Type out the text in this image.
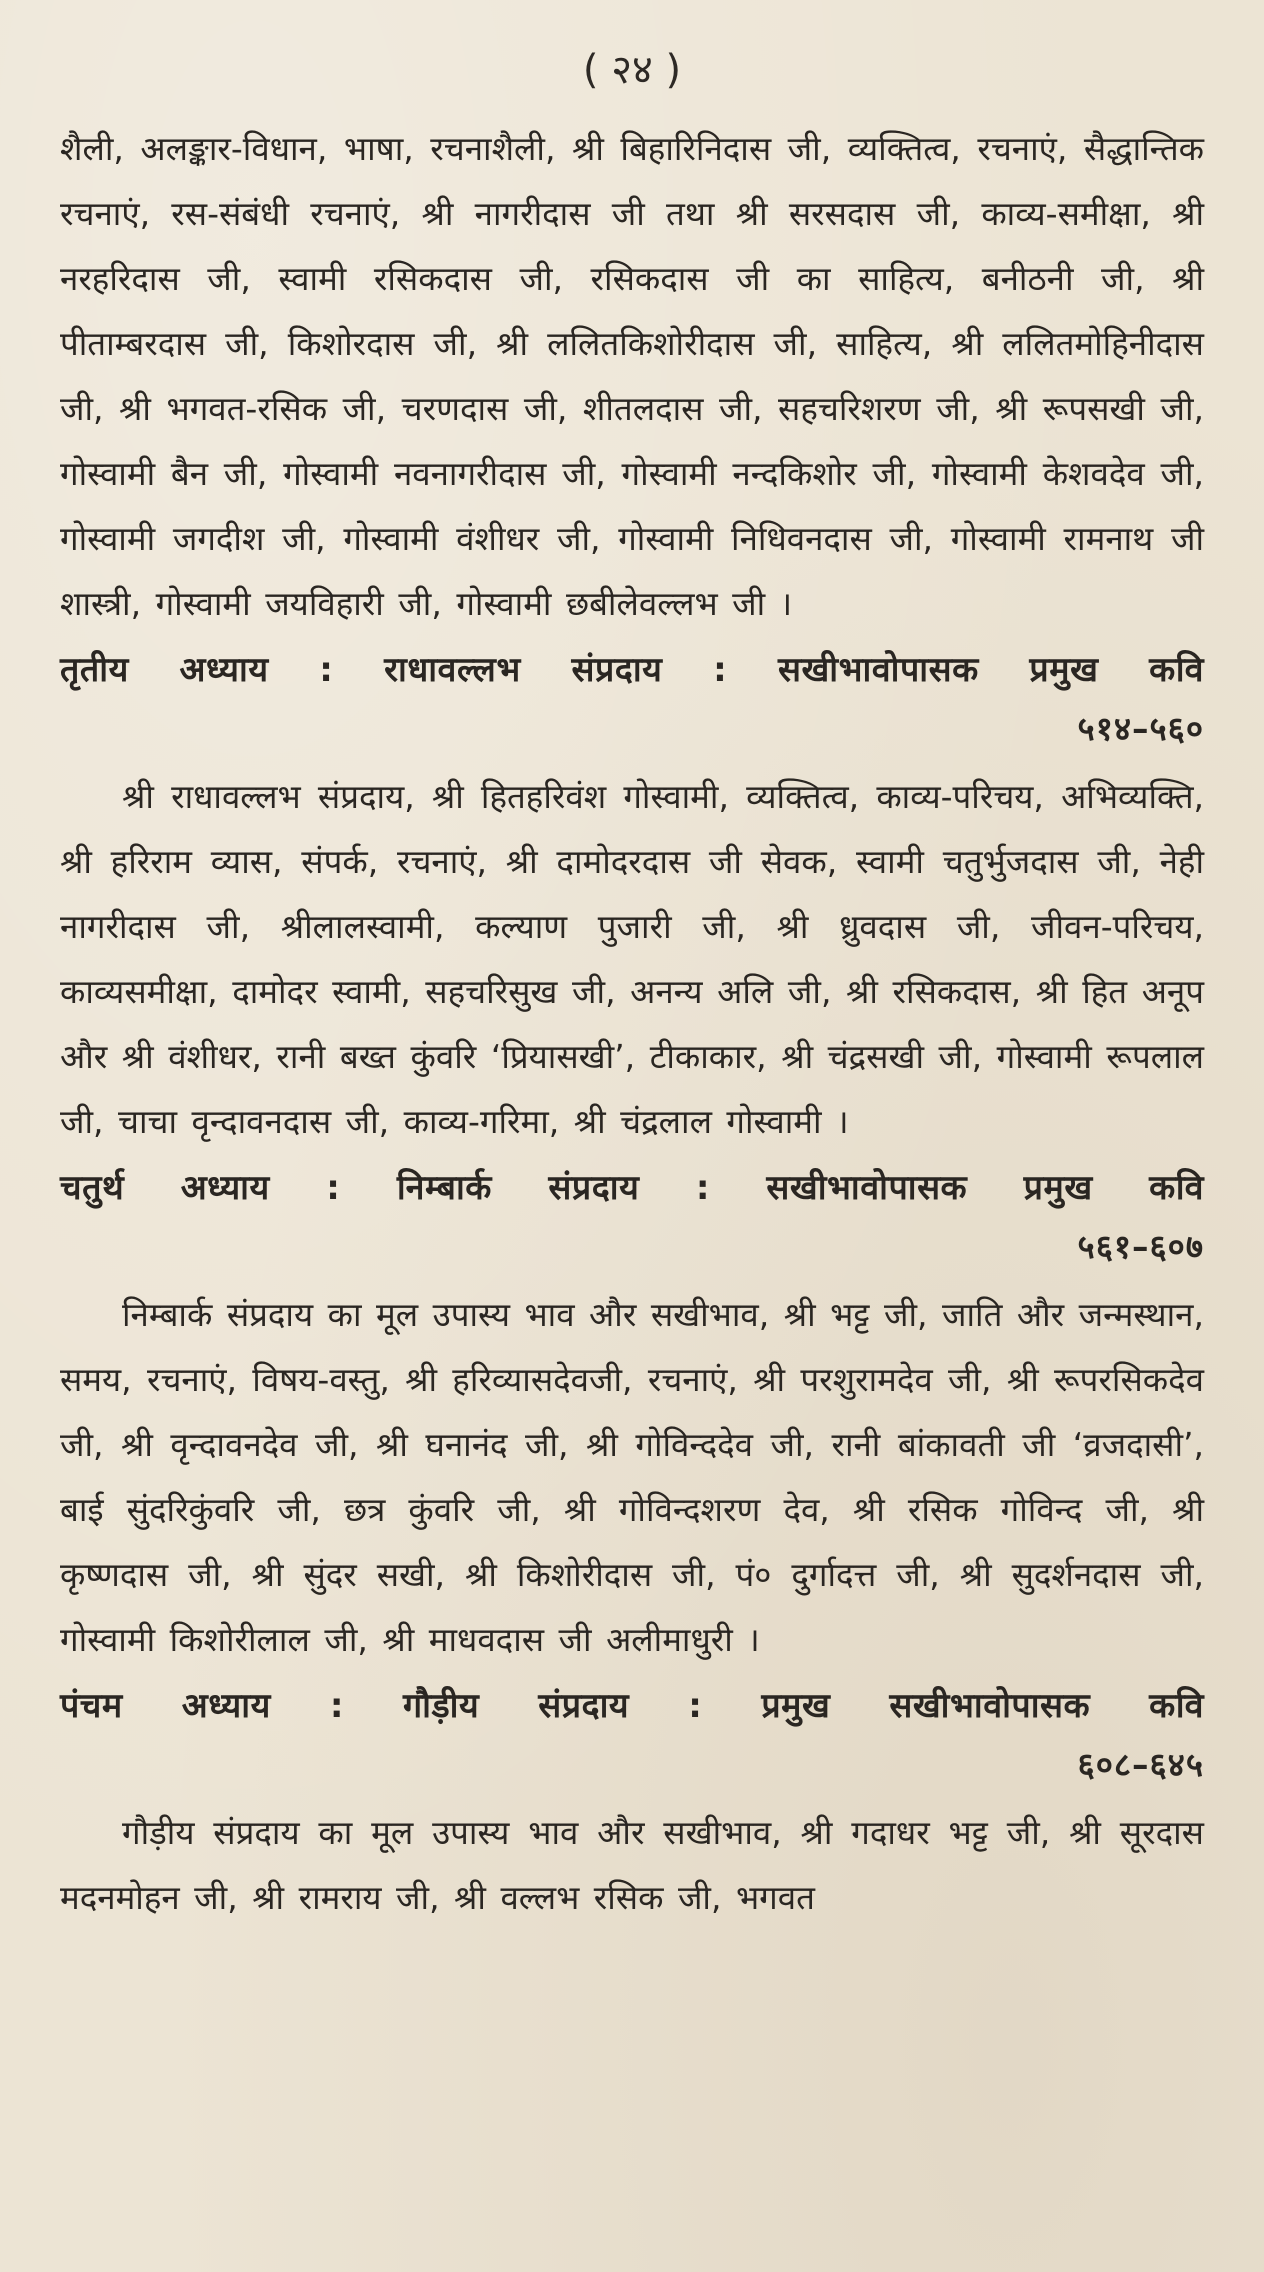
( २४ )

शैली, अलङ्कार-विधान, भाषा, रचनाशैली, श्री बिहारिनिदास जी, व्यक्तित्व, रचनाएं, सैद्धान्तिक रचनाएं, रस-संबंधी रचनाएं, श्री नागरीदास जी तथा श्री सरसदास जी, काव्य-समीक्षा, श्री नरहरिदास जी, स्वामी रसिकदास जी, रसिकदास जी का साहित्य, बनीठनी जी, श्री पीताम्बरदास जी, किशोरदास जी, श्री ललितकिशोरीदास जी, साहित्य, श्री ललितमोहिनीदास जी, श्री भगवत-रसिक जी, चरणदास जी, शीतलदास जी, सहचरिशरण जी, श्री रूपसखी जी, गोस्वामी बैन जी, गोस्वामी नवनागरीदास जी, गोस्वामी नन्दकिशोर जी, गोस्वामी केशवदेव जी, गोस्वामी जगदीश जी, गोस्वामी वंशीधर जी, गोस्वामी निधिवनदास जी, गोस्वामी रामनाथ जी शास्त्री, गोस्वामी जयविहारी जी, गोस्वामी छबीलेवल्लभ जी ।

तृतीय अध्याय : राधावल्लभ संप्रदाय : सखीभावोपासक प्रमुख कवि
५१४–५६०

श्री राधावल्लभ संप्रदाय, श्री हितहरिवंश गोस्वामी, व्यक्तित्व, काव्य-परिचय, अभिव्यक्ति, श्री हरिराम व्यास, संपर्क, रचनाएं, श्री दामोदरदास जी सेवक, स्वामी चतुर्भुजदास जी, नेही नागरीदास जी, श्रीलालस्वामी, कल्याण पुजारी जी, श्री ध्रुवदास जी, जीवन-परिचय, काव्यसमीक्षा, दामोदर स्वामी, सहचरिसुख जी, अनन्य अलि जी, श्री रसिकदास, श्री हित अनूप और श्री वंशीधर, रानी बख्त कुंवरि ‘प्रियासखी’, टीकाकार, श्री चंद्रसखी जी, गोस्वामी रूपलाल जी, चाचा वृन्दावनदास जी, काव्य-गरिमा, श्री चंद्रलाल गोस्वामी ।

चतुर्थ अध्याय : निम्बार्क संप्रदाय : सखीभावोपासक प्रमुख कवि
५६१–६०७

निम्बार्क संप्रदाय का मूल उपास्य भाव और सखीभाव, श्री भट्ट जी, जाति और जन्मस्थान, समय, रचनाएं, विषय-वस्तु, श्री हरिव्यासदेवजी, रचनाएं, श्री परशुरामदेव जी, श्री रूपरसिकदेव जी, श्री वृन्दावनदेव जी, श्री घनानंद जी, श्री गोविन्ददेव जी, रानी बांकावती जी ‘व्रजदासी’, बाई सुंदरिकुंवरि जी, छत्र कुंवरि जी, श्री गोविन्दशरण देव, श्री रसिक गोविन्द जी, श्री कृष्णदास जी, श्री सुंदर सखी, श्री किशोरीदास जी, पं० दुर्गादत्त जी, श्री सुदर्शनदास जी, गोस्वामी किशोरीलाल जी, श्री माधवदास जी अलीमाधुरी ।

पंचम अध्याय : गौड़ीय संप्रदाय : प्रमुख सखीभावोपासक कवि
६०८–६४५

गौड़ीय संप्रदाय का मूल उपास्य भाव और सखीभाव, श्री गदाधर भट्ट जी, श्री सूरदास मदनमोहन जी, श्री रामराय जी, श्री वल्लभ रसिक जी, भगवत
